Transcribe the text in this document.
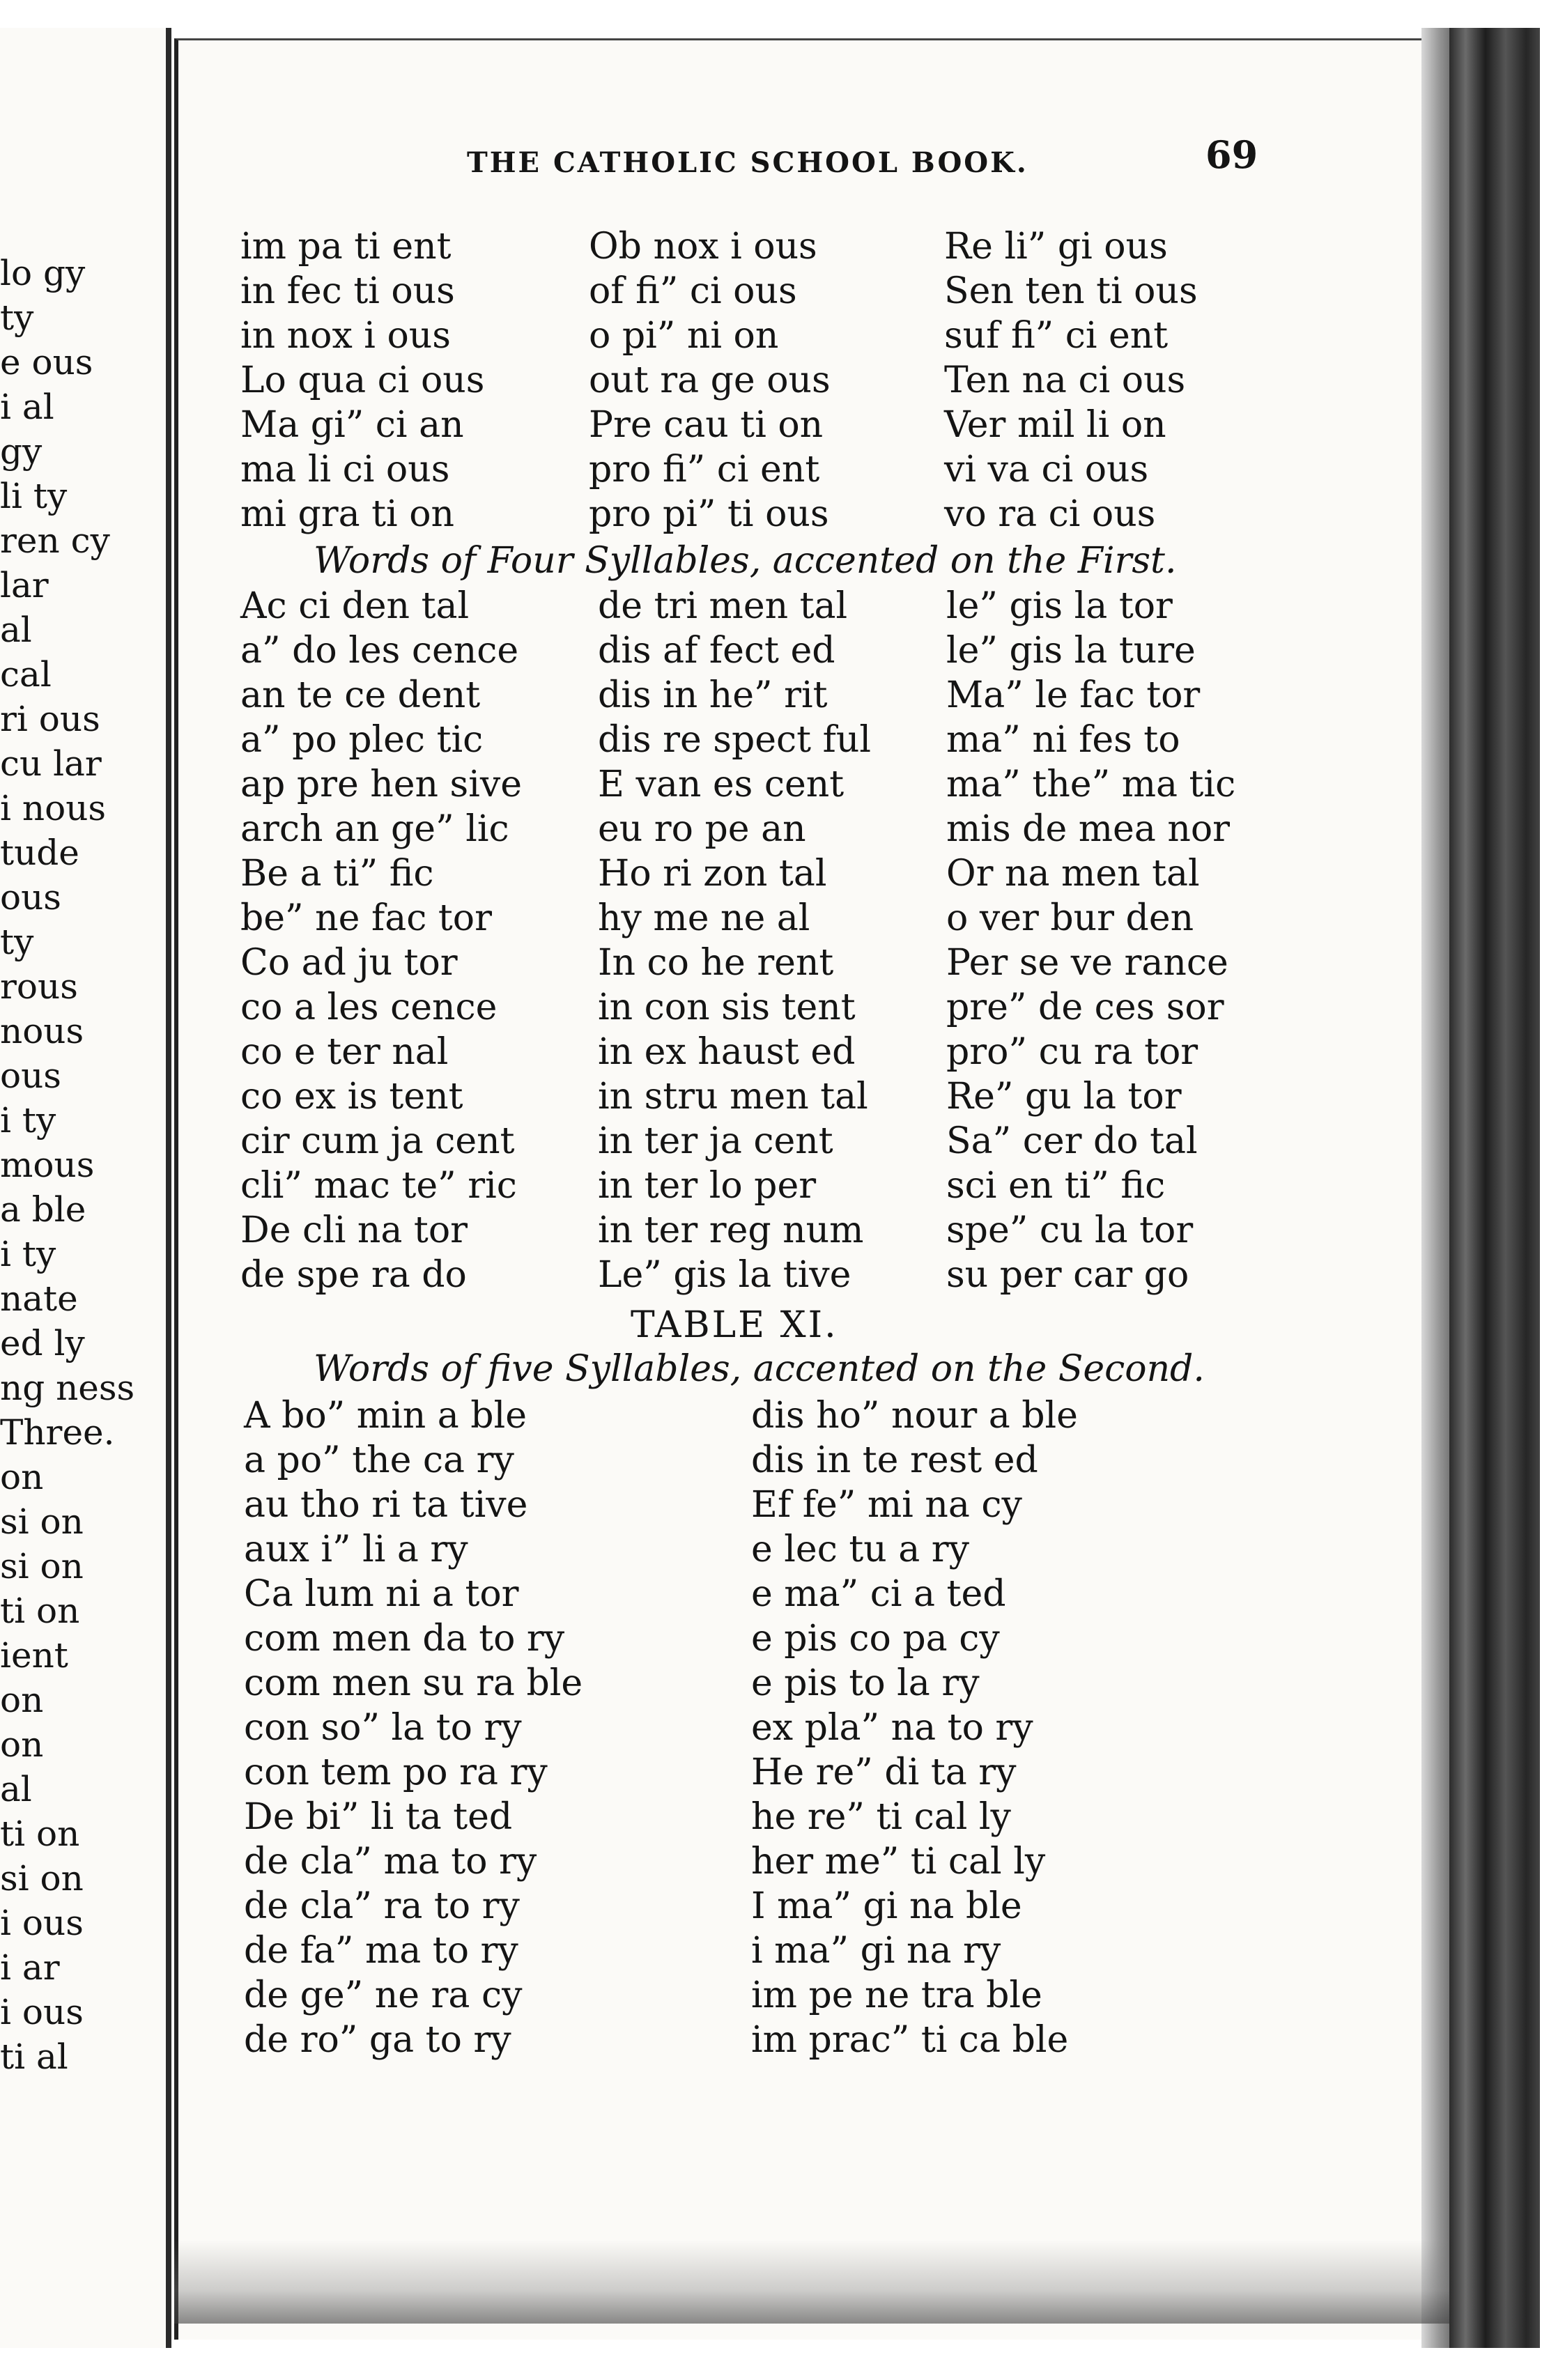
lo gy
ty
e ous
i al
gy
li ty
ren cy
lar
al
cal
ri ous
cu lar
i nous
tude
ous
ty
rous
nous
ous
i ty
mous
a ble
i ty
nate
ed ly
ng ness
Three.
on
si on
si on
ti on
ient
on
on
al
ti on
si on
i ous
i ar
i ous
ti al
THE CATHOLIC SCHOOL BOOK.	69
im pa ti ent
in fec ti ous
in nox i ous
Lo qua ci ous
Ma gi” ci an
ma li ci ous
mi gra ti on
Ob nox i ous
of fi” ci ous
o pi” ni on
out ra ge ous
Pre cau ti on
pro fi” ci ent
pro pi” ti ous
Re li” gi ous
Sen ten ti ous
suf fi” ci ent
Ten na ci ous
Ver mil li on
vi va ci ous
vo ra ci ous
Words of Four Syllables, accented on the First.
Ac ci den tal
a” do les cence
an te ce dent
a” po plec tic
ap pre hen sive
arch an ge” lic
Be a ti” fic
be” ne fac tor
Co ad ju tor
co a les cence
co e ter nal
co ex is tent
cir cum ja cent
cli” mac te” ric
De cli na tor
de spe ra do
de tri men tal
dis af fect ed
dis in he” rit
dis re spect ful
E van es cent
eu ro pe an
Ho ri zon tal
hy me ne al
In co he rent
in con sis tent
in ex haust ed
in stru men tal
in ter ja cent
in ter lo per
in ter reg num
Le” gis la tive
le” gis la tor
le” gis la ture
Ma” le fac tor
ma” ni fes to
ma” the” ma tic
mis de mea nor
Or na men tal
o ver bur den
Per se ve rance
pre” de ces sor
pro” cu ra tor
Re” gu la tor
Sa” cer do tal
sci en ti” fic
spe” cu la tor
su per car go
TABLE XI.
Words of five Syllables, accented on the Second.
A bo” min a ble
a po” the ca ry
au tho ri ta tive
aux i” li a ry
Ca lum ni a tor
com men da to ry
com men su ra ble
con so” la to ry
con tem po ra ry
De bi” li ta ted
de cla” ma to ry
de cla” ra to ry
de fa” ma to ry
de ge” ne ra cy
de ro” ga to ry
dis ho” nour a ble
dis in te rest ed
Ef fe” mi na cy
e lec tu a ry
e ma” ci a ted
e pis co pa cy
e pis to la ry
ex pla” na to ry
He re” di ta ry
he re” ti cal ly
her me” ti cal ly
I ma” gi na ble
i ma” gi na ry
im pe ne tra ble
im prac” ti ca ble
